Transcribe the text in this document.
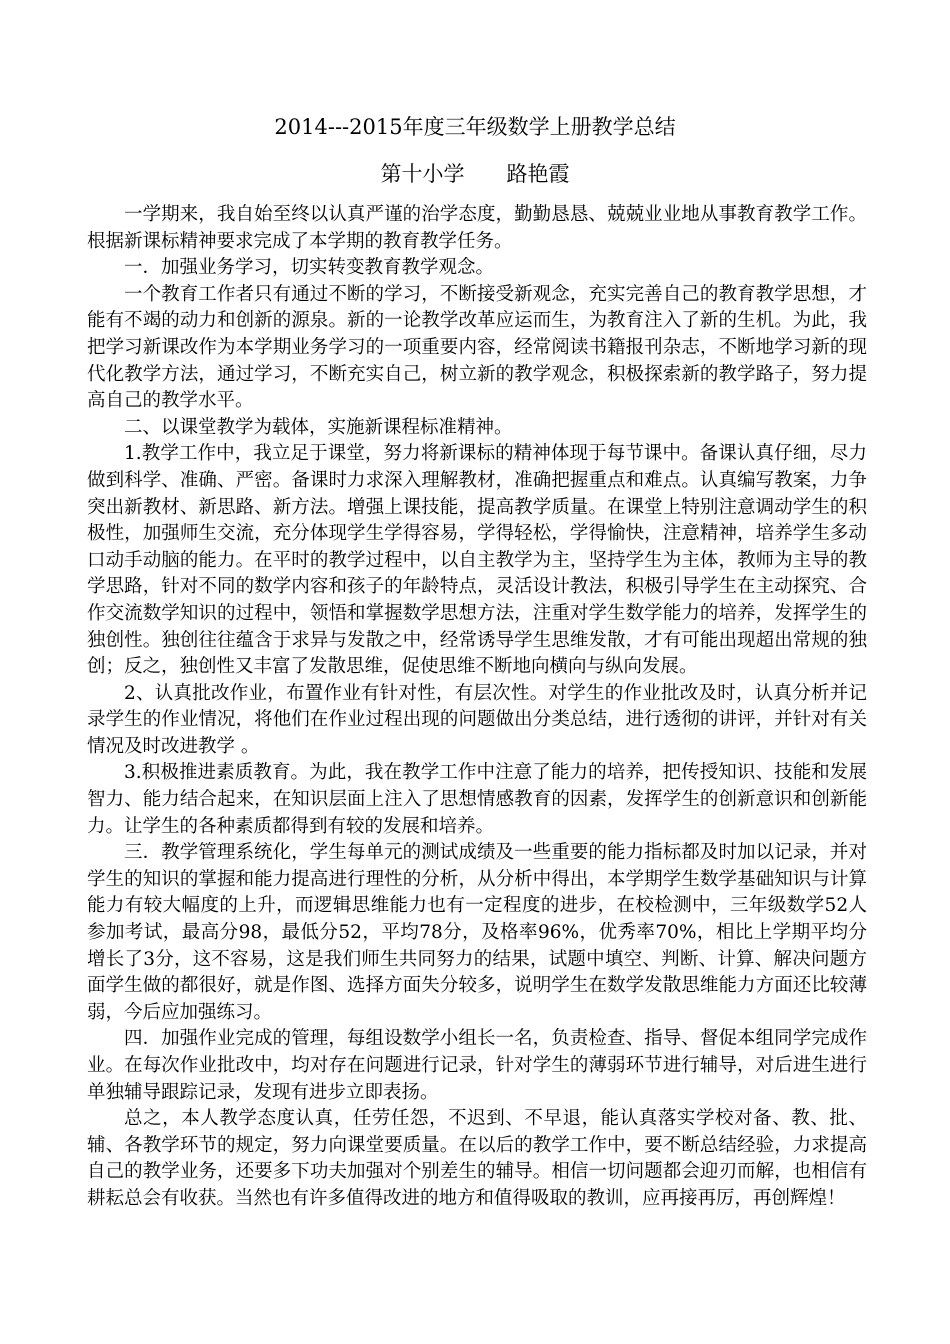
2014---2015年度三年级数学上册教学总结
第十小学 路艳霞

一学期来，我自始至终以认真严谨的治学态度，勤勤恳恳、兢兢业业地从事教育教学工作。根据新课标精神要求完成了本学期的教育教学任务。

一．加强业务学习，切实转变教育教学观念。

一个教育工作者只有通过不断的学习，不断接受新观念，充实完善自己的教育教学思想，才能有不竭的动力和创新的源泉。新的一论教学改革应运而生，为教育注入了新的生机。为此，我把学习新课改作为本学期业务学习的一项重要内容，经常阅读书籍报刊杂志，不断地学习新的现代化教学方法，通过学习，不断充实自己，树立新的教学观念，积极探索新的教学路子，努力提高自己的教学水平。

二、以课堂教学为载体，实施新课程标准精神。

1.教学工作中，我立足于课堂，努力将新课标的精神体现于每节课中。备课认真仔细，尽力做到科学、准确、严密。备课时力求深入理解教材，准确把握重点和难点。认真编写教案，力争突出新教材、新思路、新方法。增强上课技能，提高教学质量。在课堂上特别注意调动学生的积极性，加强师生交流，充分体现学生学得容易，学得轻松，学得愉快，注意精神，培养学生多动口动手动脑的能力。在平时的教学过程中，以自主教学为主，坚持学生为主体，教师为主导的教学思路，针对不同的数学内容和孩子的年龄特点，灵活设计教法，积极引导学生在主动探究、合作交流数学知识的过程中，领悟和掌握数学思想方法，注重对学生数学能力的培养，发挥学生的独创性。独创往往蕴含于求异与发散之中，经常诱导学生思维发散，才有可能出现超出常规的独创；反之，独创性又丰富了发散思维，促使思维不断地向横向与纵向发展。

2、认真批改作业，布置作业有针对性，有层次性。对学生的作业批改及时，认真分析并记录学生的作业情况，将他们在作业过程出现的问题做出分类总结，进行透彻的讲评，并针对有关情况及时改进教学 。

3.积极推进素质教育。为此，我在教学工作中注意了能力的培养，把传授知识、技能和发展智力、能力结合起来，在知识层面上注入了思想情感教育的因素，发挥学生的创新意识和创新能力。让学生的各种素质都得到有较的发展和培养。

三．教学管理系统化，学生每单元的测试成绩及一些重要的能力指标都及时加以记录，并对学生的知识的掌握和能力提高进行理性的分析，从分析中得出，本学期学生数学基础知识与计算能力有较大幅度的上升，而逻辑思维能力也有一定程度的进步，在校检测中，三年级数学52人参加考试，最高分98，最低分52，平均78分，及格率96%，优秀率70%，相比上学期平均分增长了3分，这不容易，这是我们师生共同努力的结果，试题中填空、判断、计算、解决问题方面学生做的都很好，就是作图、选择方面失分较多，说明学生在数学发散思维能力方面还比较薄弱，今后应加强练习。

四．加强作业完成的管理，每组设数学小组长一名，负责检查、指导、督促本组同学完成作业。在每次作业批改中，均对存在问题进行记录，针对学生的薄弱环节进行辅导，对后进生进行单独辅导跟踪记录，发现有进步立即表扬。

总之，本人教学态度认真，任劳任怨，不迟到、不早退，能认真落实学校对备、教、批、辅、各教学环节的规定，努力向课堂要质量。在以后的教学工作中，要不断总结经验，力求提高自己的教学业务，还要多下功夫加强对个别差生的辅导。相信一切问题都会迎刃而解，也相信有耕耘总会有收获。当然也有许多值得改进的地方和值得吸取的教训，应再接再厉，再创辉煌！
